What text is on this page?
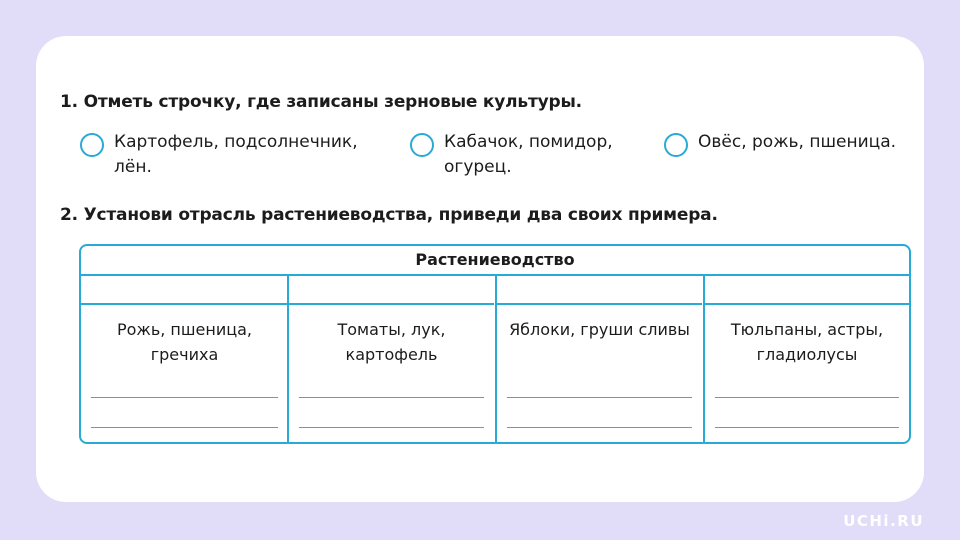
1. Отметь строчку, где записаны зерновые культуры.
Картофель, подсолнечник, лён.
Кабачок, помидор, огурец.
Овёс, рожь, пшеница.
2. Установи отрасль растениеводства, приведи два своих примера.
Растениеводство
Рожь, пшеница, гречиха
Томаты, лук, картофель
Яблоки, груши сливы	Тюльпаны, астры, гладиолусы
UCHi.RU
